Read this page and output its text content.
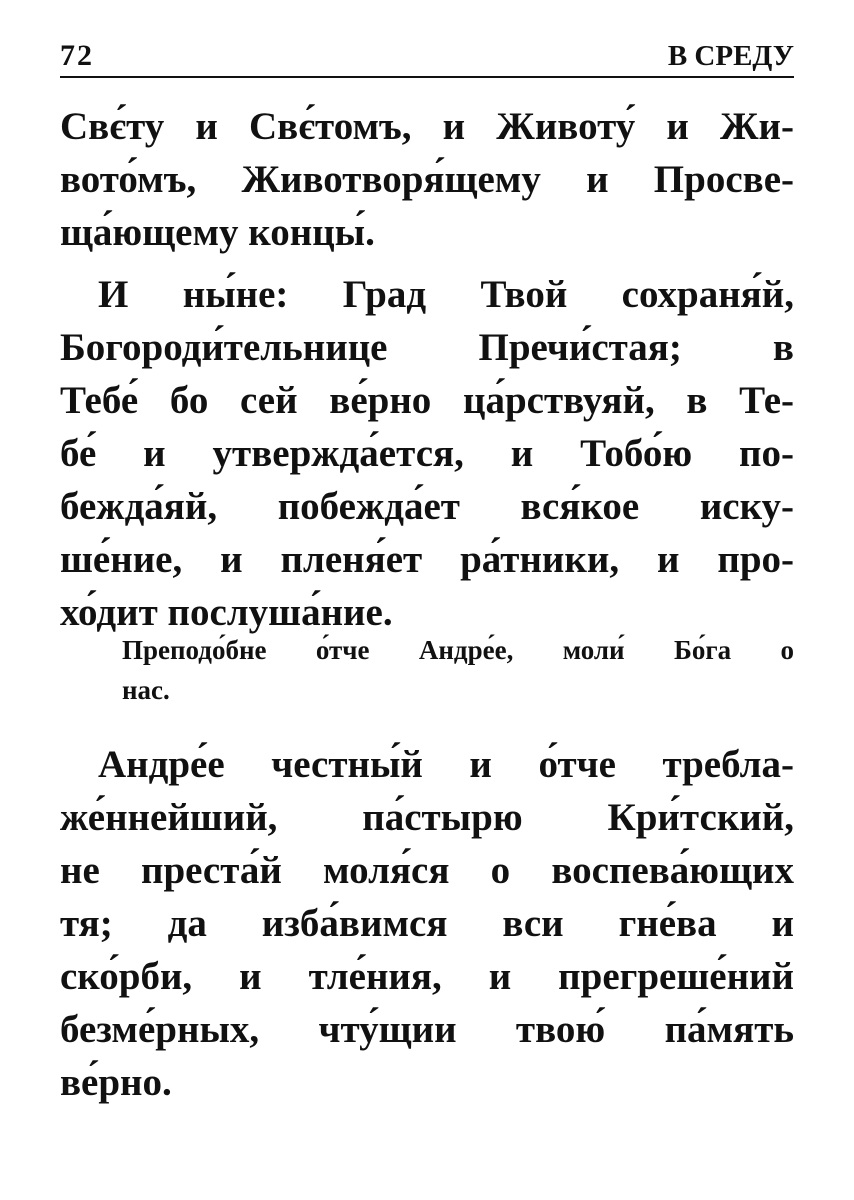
72	В СРЕДУ

Свє́ту и Свє́томъ, и Животу́ и Жи-
вото́мъ, Животворя́щему и Просве-
ща́ющему концы́.

И ны́не: Град Твой сохраня́й,
Богороди́тельнице Пречи́стая; в
Тебе́ бо сей ве́рно ца́рствуяй, в Те-
бе́ и утвержда́ется, и Тобо́ю по-
бежда́яй, побежда́ет вся́кое иску-
ше́ние, и пленя́ет ра́тники, и про-
хо́дит послуша́ние.

Преподо́бне о́тче Андре́е, моли́ Бо́га о
нас.

Андре́е честны́й и о́тче трeбла-
же́ннейший, па́стырю Кри́тский,
не преста́й моля́ся о воспева́ющих
тя; да изба́вимся вси гне́ва и
ско́рби, и тле́ния, и прегреше́ний
безме́рных, чту́щии твою́ па́мять
ве́рно.
